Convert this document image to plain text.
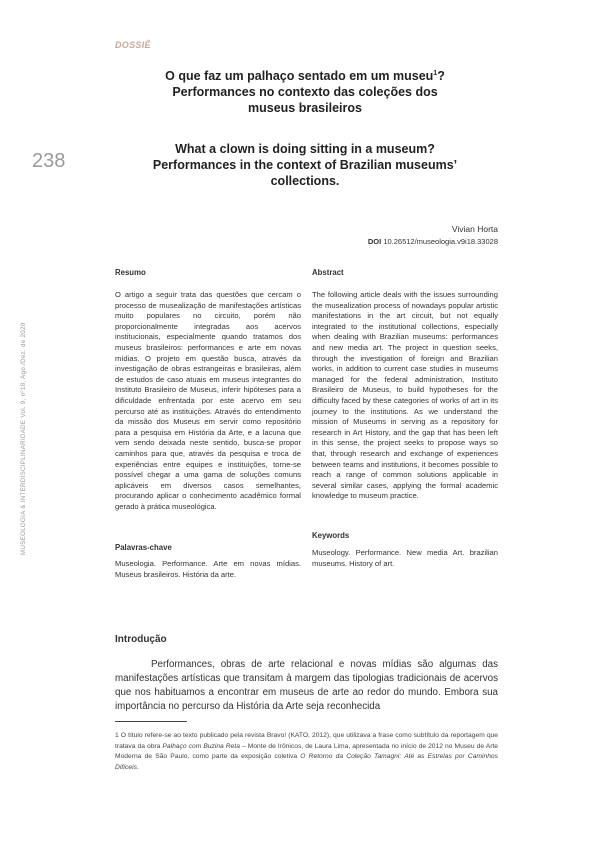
DOSSIÊ
O que faz um palhaço sentado em um museu$^1$?
Performances no contexto das coleções dos
museus brasileiros
What a clown is doing sitting in a museum?
Performances in the context of Brazilian museums’
collections.
238
MUSEOLOGIA & INTERDISCIPLINARIDADE Vol. 9, nº18, Ago./Dez. de 2020
Vivian Horta
DOI 10.26512/museologia.v9i18.33028
Resumo
O artigo a seguir trata das questões que cercam o processo de musealização de manifestações artísticas muito populares no circuito, porém não proporcionalmente integradas aos acervos institucionais, especialmente quando tratamos dos museus brasileiros: performances e arte em novas mídias. O projeto em questão busca, através da investigação de obras estrangeiras e brasileiras, além de estudos de caso atuais em museus integrantes do Instituto Brasileiro de Museus, inferir hipóteses para a dificuldade enfrentada por este acervo em seu percurso até as instituições. Através do entendimento da missão dos Museus em servir como repositório para a pesquisa em História da Arte, e a lacuna que vem sendo deixada neste sentido, busca-se propor caminhos para que, através da pesquisa e troca de experiências entre equipes e instituições, torne-se possível chegar a uma gama de soluções comuns aplicáveis em diversos casos semelhantes, procurando aplicar o conhecimento acadêmico formal gerado à prática museológica.
Palavras-chave
Museologia. Performance. Arte em novas mídias. Museus brasileiros. História da arte.
Abstract
The following article deals with the issues surrounding the musealization process of nowadays popular artistic manifestations in the art circuit, but not equally integrated to the institutional collections, especially when dealing with Brazilian museums: performances and new media art. The project in question seeks, through the investigation of foreign and Brazilian works, in addition to current case studies in museums managed for the federal administration, Instituto Brasileiro de Museus, to build hypotheses for the difficulty faced by these categories of works of art in its journey to the institutions. As we understand the mission of Museums in serving as a repository for research in Art History, and the gap that has been left in this sense, the project seeks to propose ways so that, through research and exchange of experiences between teams and institutions, it becomes possible to reach a range of common solutions applicable in several similar cases, applying the formal academic knowledge to museum practice.
Keywords
Museology. Performance. New media Art. brazilian museums. History of art.
Introdução
Performances, obras de arte relacional e novas mídias são algumas das manifestações artísticas que transitam à margem das tipologias tradicionais de acervos que nos habituamos a encontrar em museus de arte ao redor do mundo. Embora sua importância no percurso da História da Arte seja reconhecida
1 O título refere-se ao texto publicado pela revista Bravo! (KATO, 2012), que utilizava a frase como subtítulo da reportagem que tratava da obra Palhaço com Buzina Reta – Monte de Irônicos, de Laura Lima, apresentada no início de 2012 no Museu de Arte Moderna de São Paulo, como parte da exposição coletiva O Retorno da Coleção Tamagni: Até as Estrelas por Caminhos Difíceis.
